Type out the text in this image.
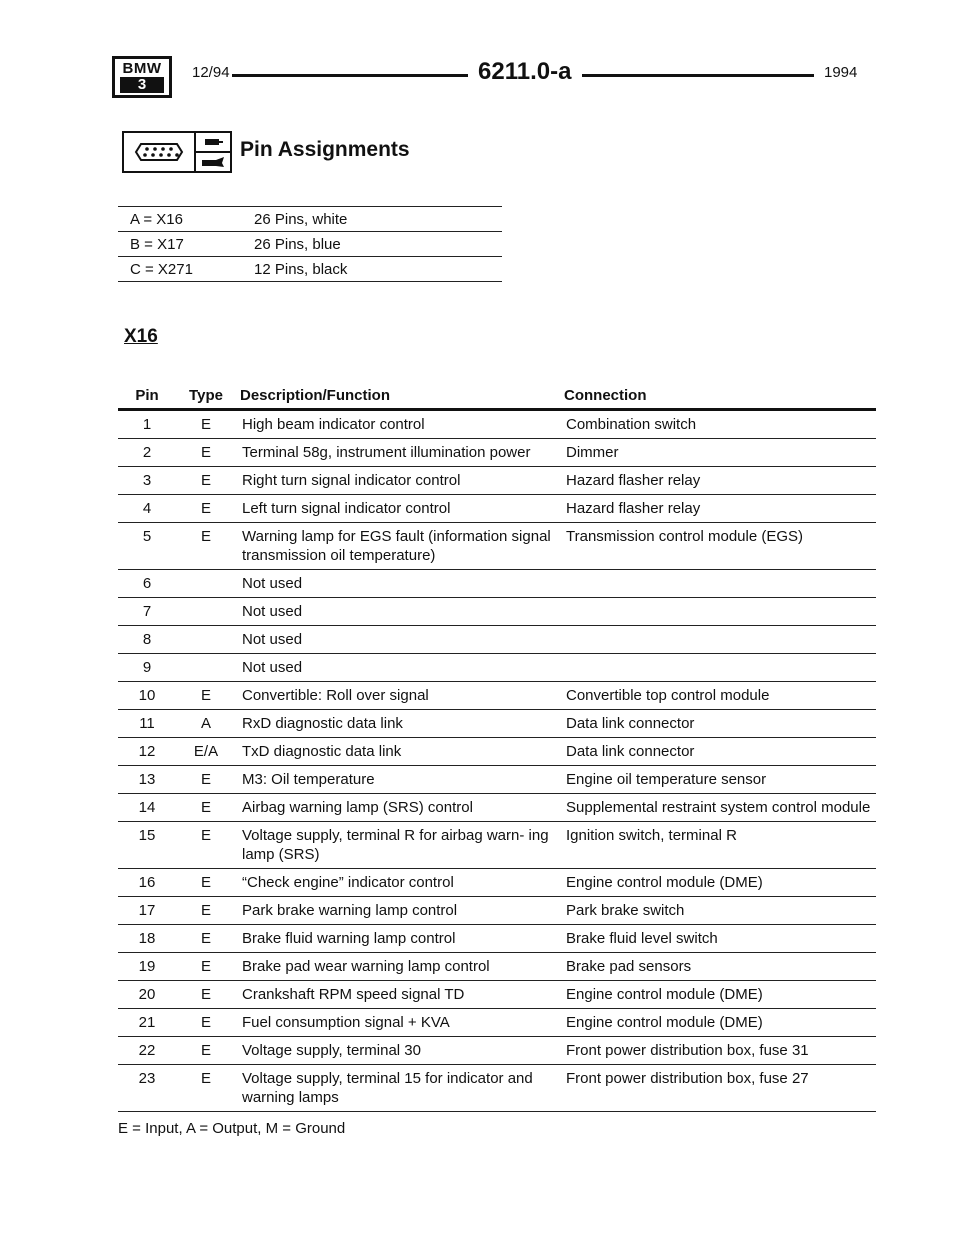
BMW
3
12/94	6211.0-a	1994
Pin Assignments
A = X16	26 Pins, white
B = X17	26 Pins, blue
C = X271	12 Pins, black
X16
Pin	Type	Description/Function	Connection
1	E	High beam indicator control	Combination switch
2	E	Terminal 58g, instrument illumination power	Dimmer
3	E	Right turn signal indicator control	Hazard flasher relay
4	E	Left turn signal indicator control	Hazard flasher relay
5	E	Warning lamp for EGS fault (information signal transmission oil temperature)	Transmission control module (EGS)
6		Not used	
7		Not used	
8		Not used	
9		Not used	
10	E	Convertible: Roll over signal	Convertible top control module
11	A	RxD diagnostic data link	Data link connector
12	E/A	TxD diagnostic data link	Data link connector
13	E	M3: Oil temperature	Engine oil temperature sensor
14	E	Airbag warning lamp (SRS) control	Supplemental restraint system control module
15	E	Voltage supply, terminal R for airbag warn- ing lamp (SRS)	Ignition switch, terminal R
16	E	“Check engine” indicator control	Engine control module (DME)
17	E	Park brake warning lamp control	Park brake switch
18	E	Brake fluid warning lamp control	Brake fluid level switch
19	E	Brake pad wear warning lamp control	Brake pad sensors
20	E	Crankshaft RPM speed signal TD	Engine control module (DME)
21	E	Fuel consumption signal + KVA	Engine control module (DME)
22	E	Voltage supply, terminal 30	Front power distribution box, fuse 31
23	E	Voltage supply, terminal 15 for indicator and warning lamps	Front power distribution box, fuse 27
E = Input, A = Output, M = Ground
